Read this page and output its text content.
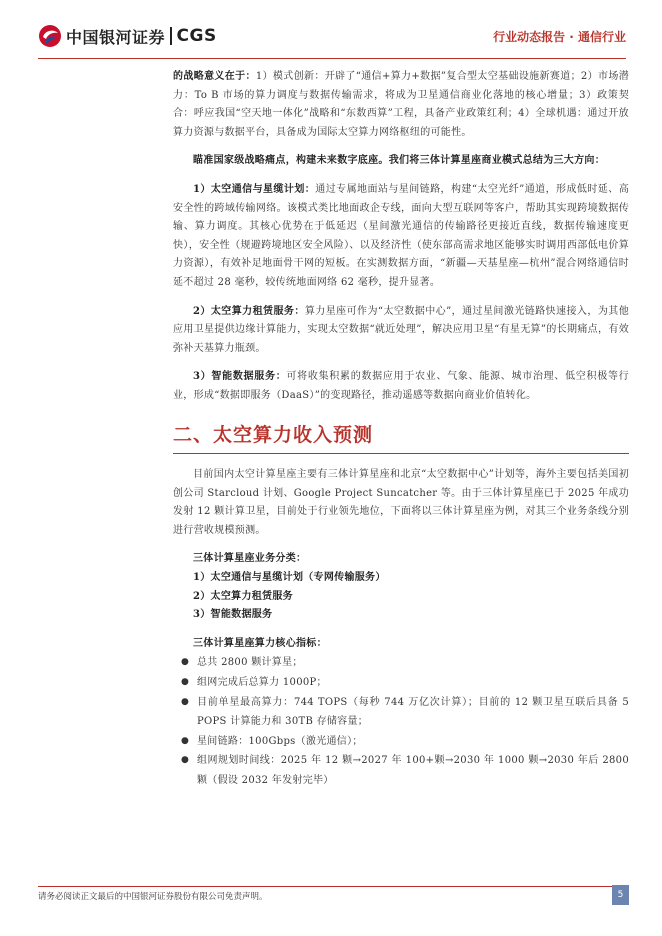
中国银河证券 CGS	行业动态报告 · 通信行业

的战略意义在于：1）模式创新：开辟了“通信+算力+数据”复合型太空基础设施新赛道；2）市场潜力：To B 市场的算力调度与数据传输需求，将成为卫星通信商业化落地的核心增量；3）政策契合：呼应我国“空天地一体化”战略和“东数西算”工程，具备产业政策红利；4）全球机遇：通过开放算力资源与数据平台，具备成为国际太空算力网络枢纽的可能性。

瞄准国家级战略痛点，构建未来数字底座。我们将三体计算星座商业模式总结为三大方向：

1）太空通信与星缆计划：通过专属地面站与星间链路，构建“太空光纤”通道，形成低时延、高安全性的跨域传输网络。该模式类比地面政企专线，面向大型互联网等客户，帮助其实现跨境数据传输、算力调度。其核心优势在于低延迟（星间激光通信的传输路径更接近直线，数据传输速度更快），安全性（规避跨境地区安全风险）、以及经济性（使东部高需求地区能够实时调用西部低电价算力资源），有效补足地面骨干网的短板。在实测数据方面，“新疆—天基星座—杭州”混合网络通信时延不超过 28 毫秒，较传统地面网络 62 毫秒，提升显著。

2）太空算力租赁服务：算力星座可作为“太空数据中心”，通过星间激光链路快速接入，为其他应用卫星提供边缘计算能力，实现太空数据“就近处理”，解决应用卫星“有星无算”的长期痛点，有效弥补天基算力瓶颈。

3）智能数据服务：可将收集积累的数据应用于农业、气象、能源、城市治理、低空积极等行业，形成“数据即服务（DaaS）”的变现路径，推动遥感等数据向商业价值转化。

二、太空算力收入预测

目前国内太空计算星座主要有三体计算星座和北京“太空数据中心”计划等，海外主要包括美国初创公司 Starcloud 计划、Google Project Suncatcher 等。由于三体计算星座已于 2025 年成功发射 12 颗计算卫星，目前处于行业领先地位，下面将以三体计算星座为例，对其三个业务条线分别进行营收规模预测。

三体计算星座业务分类：

1）太空通信与星缆计划（专网传输服务）
2）太空算力租赁服务
3）智能数据服务

三体计算星座算力核心指标：

● 总共 2800 颗计算星；
● 组网完成后总算力 1000P；
● 目前单星最高算力：744 TOPS（每秒 744 万亿次计算）；目前的 12 颗卫星互联后具备 5 POPS 计算能力和 30TB 存储容量；
● 星间链路：100Gbps（激光通信）；
● 组网规划时间线：2025 年 12 颗→2027 年 100+颗→2030 年 1000 颗→2030 年后 2800 颗（假设 2032 年发射完毕）
请务必阅读正文最后的中国银河证券股份有限公司免责声明。	5
